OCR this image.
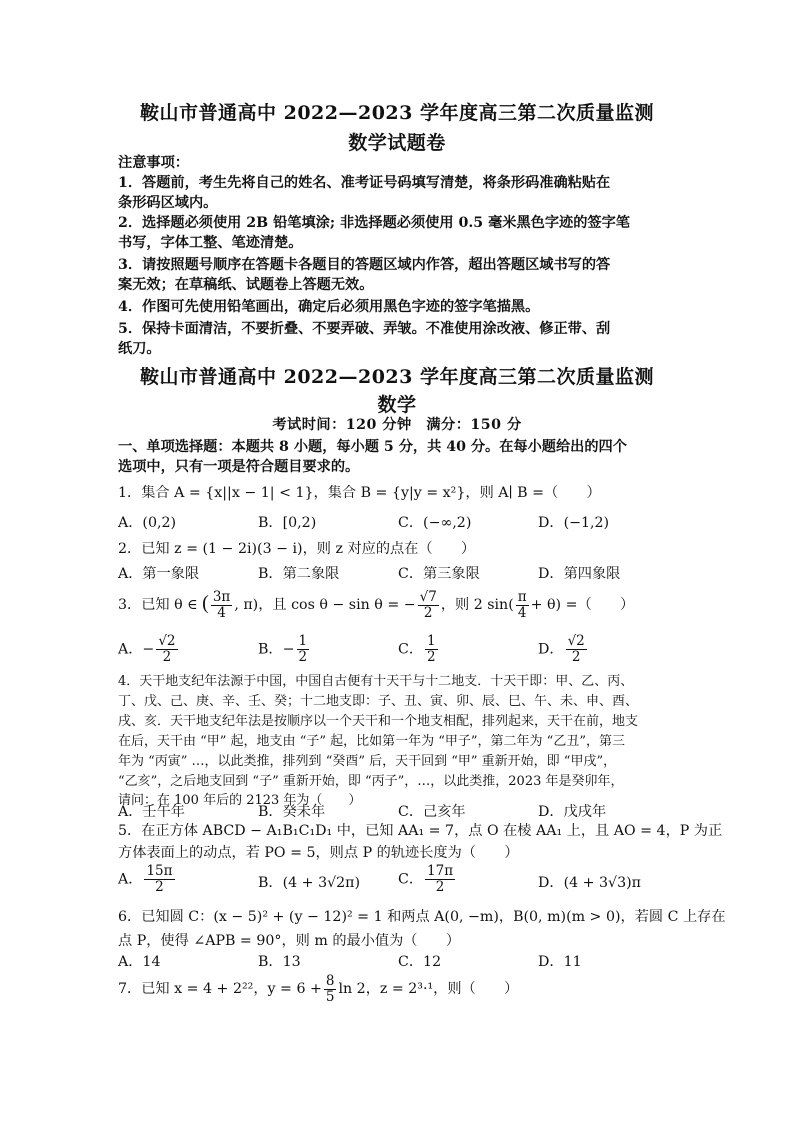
鞍山市普通高中 2022—2023 学年度高三第二次质量监测
数学试题卷
注意事项：
1．答题前，考生先将自己的姓名、准考证号码填写清楚，将条形码准确粘贴在
条形码区域内。
2．选择题必须使用 2B 铅笔填涂; 非选择题必须使用 0.5 毫米黑色字迹的签字笔
书写，字体工整、笔迹清楚。
3．请按照题号顺序在答题卡各题目的答题区域内作答，超出答题区域书写的答
案无效；在草稿纸、试题卷上答题无效。
4．作图可先使用铅笔画出，确定后必须用黑色字迹的签字笔描黑。
5．保持卡面清洁，不要折叠、不要弄破、弄皱。不准使用涂改液、修正带、刮
纸刀。
鞍山市普通高中 2022—2023 学年度高三第二次质量监测
数学
考试时间：120 分钟　满分：150 分
一、单项选择题：本题共 8 小题，每小题 5 分，共 40 分。在每小题给出的四个
选项中，只有一项是符合题目要求的。
1．集合 A = {x||x − 1| < 1}，集合 B = {y|y = x²}，则 A∣ B =（　　）
A．(0,2)	B．[0,2)	C．(−∞,2)	D．(−1,2)
2．已知 z = (1 − 2i)(3 − i)，则 z 对应的点在（　　）
A．第一象限	B．第二象限	C．第三象限	D．第四象限
3．已知 θ ∈ ( $\frac{3\pi}{4}$ , π)，且 cos θ − sin θ = − $\frac{√7}{2}$ ，则 2 $\sin( \frac{\pi}{4} + \theta)$ =（　　）
A．− $\frac{√2}{2}$	B．− $\frac{1}{2}$	C． $\frac{1}{2}$	D． $\frac{√2}{2}$
4．天干地支纪年法源于中国，中国自古便有十天干与十二地支．十天干即：甲、乙、丙、
丁、戊、己、庚、辛、壬、癸；十二地支即：子、丑、寅、卯、辰、巳、午、未、申、酉、
戌、亥．天干地支纪年法是按顺序以一个天干和一个地支相配，排列起来，天干在前，地支
在后，天干由 “甲” 起，地支由 “子” 起，比如第一年为 “甲子”，第二年为 “乙丑”，第三
年为 “丙寅” …，以此类推，排列到 “癸酉” 后，天干回到 “甲” 重新开始，即 “甲戌”，
“乙亥”，之后地支回到 “子” 重新开始，即 “丙子”，…，以此类推，2023 年是癸卯年，
请问：在 100 年后的 2123 年为（　　）
A．壬午年	B．癸未年	C．己亥年	D．戊戌年
5．在正方体 ABCD − A₁B₁C₁D₁ 中，已知 AA₁ = 7，点 O 在棱 AA₁ 上，且 AO = 4，P 为正
方体表面上的动点，若 PO = 5，则点 P 的轨迹长度为（　　）
A． $\frac{15\pi}{2}$	B．(4 + 3√2π)	C． $\frac{17\pi}{2}$	D．(4 + 3√3)π
6．已知圆 C：(x − 5)² + (y − 12)² = 1 和两点 A(0, −m)，B(0, m)(m > 0)，若圆 C 上存在
点 P，使得 ∠APB = 90°，则 m 的最小值为（　　）
A．14	B．13	C．12	D．11
7．已知 x = 4 + 2²²，$y = 6 + \frac{8}{5}$ ln 2，z = 2³·¹，则（　　）
